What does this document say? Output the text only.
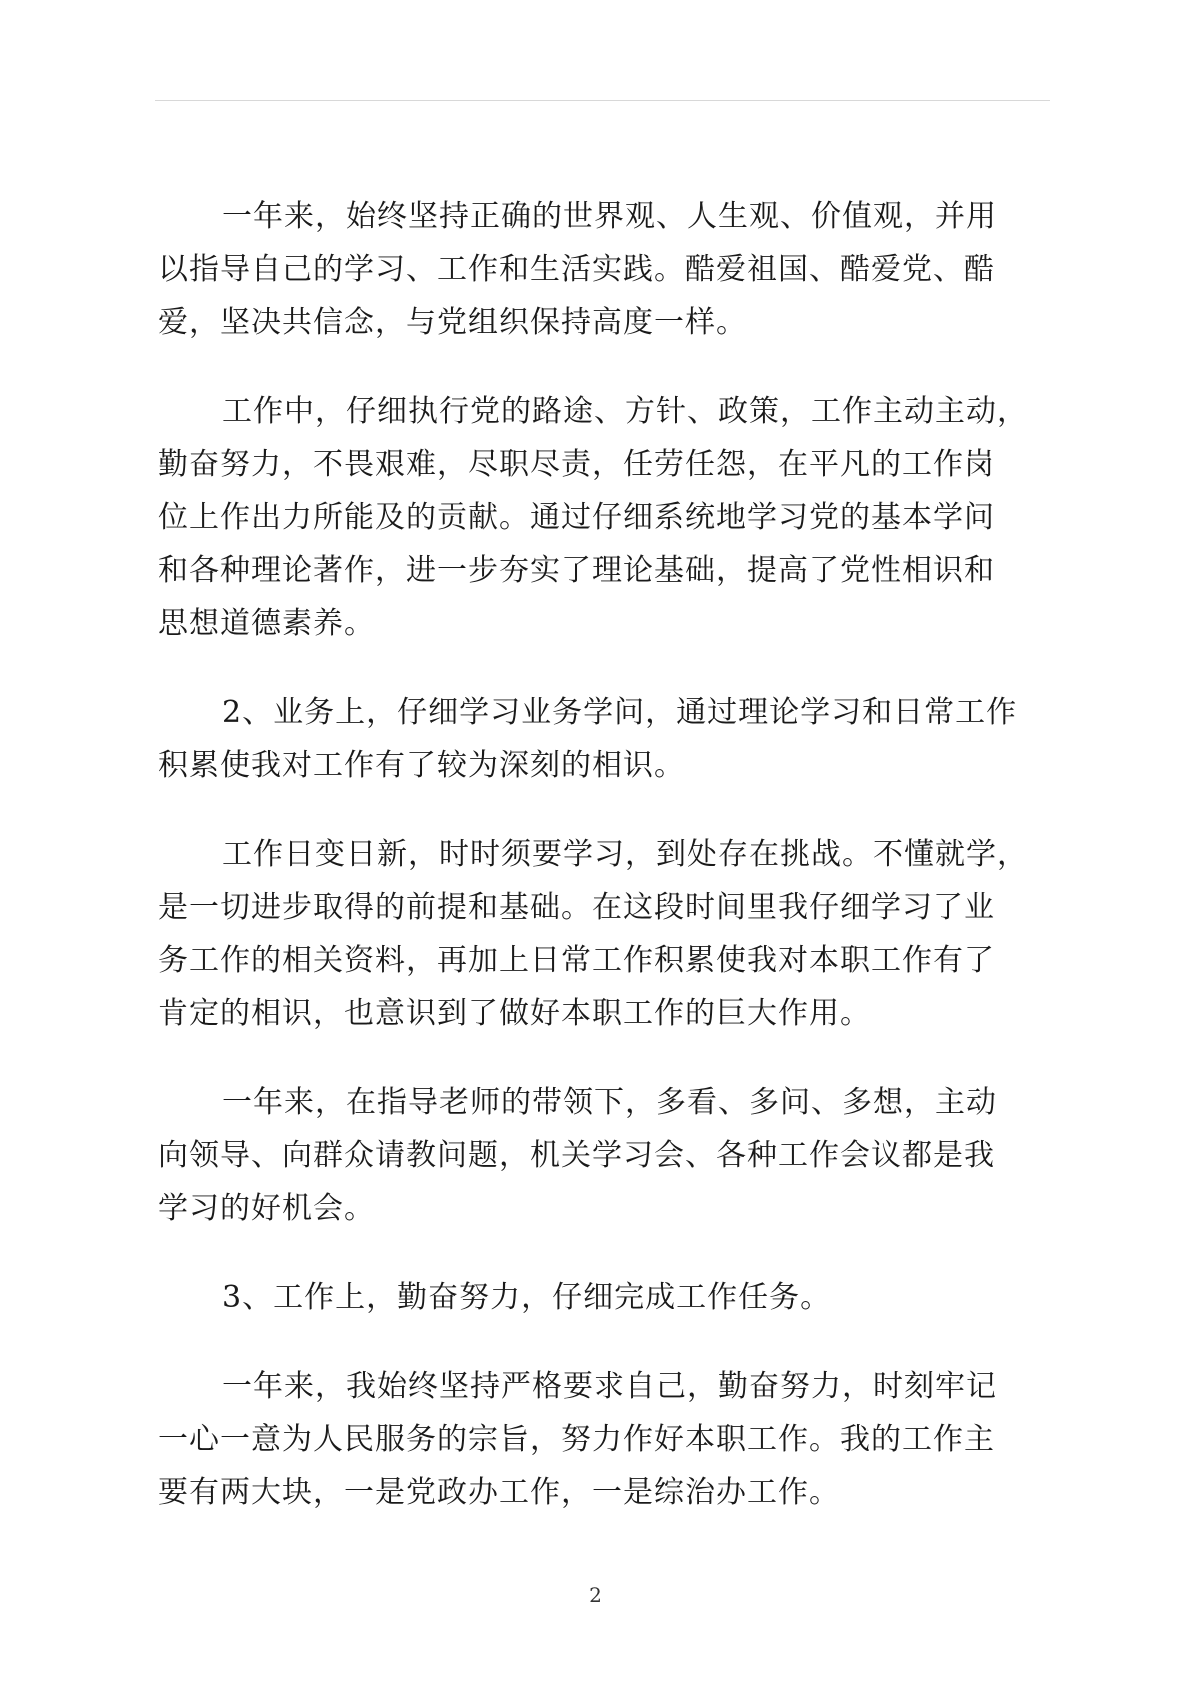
一年来，始终坚持正确的世界观、人生观、价值观，并用
以指导自己的学习、工作和生活实践。酷爱祖国、酷爱党、酷
爱，坚决共信念，与党组织保持高度一样。

工作中，仔细执行党的路途、方针、政策，工作主动主动，
勤奋努力，不畏艰难，尽职尽责，任劳任怨，在平凡的工作岗
位上作出力所能及的贡献。通过仔细系统地学习党的基本学问
和各种理论著作，进一步夯实了理论基础，提高了党性相识和
思想道德素养。

2、业务上，仔细学习业务学问，通过理论学习和日常工作
积累使我对工作有了较为深刻的相识。

工作日变日新，时时须要学习，到处存在挑战。不懂就学，
是一切进步取得的前提和基础。在这段时间里我仔细学习了业
务工作的相关资料，再加上日常工作积累使我对本职工作有了
肯定的相识，也意识到了做好本职工作的巨大作用。

一年来，在指导老师的带领下，多看、多问、多想，主动
向领导、向群众请教问题，机关学习会、各种工作会议都是我
学习的好机会。

3、工作上，勤奋努力，仔细完成工作任务。

一年来，我始终坚持严格要求自己，勤奋努力，时刻牢记
一心一意为人民服务的宗旨，努力作好本职工作。我的工作主
要有两大块，一是党政办工作，一是综治办工作。

2
